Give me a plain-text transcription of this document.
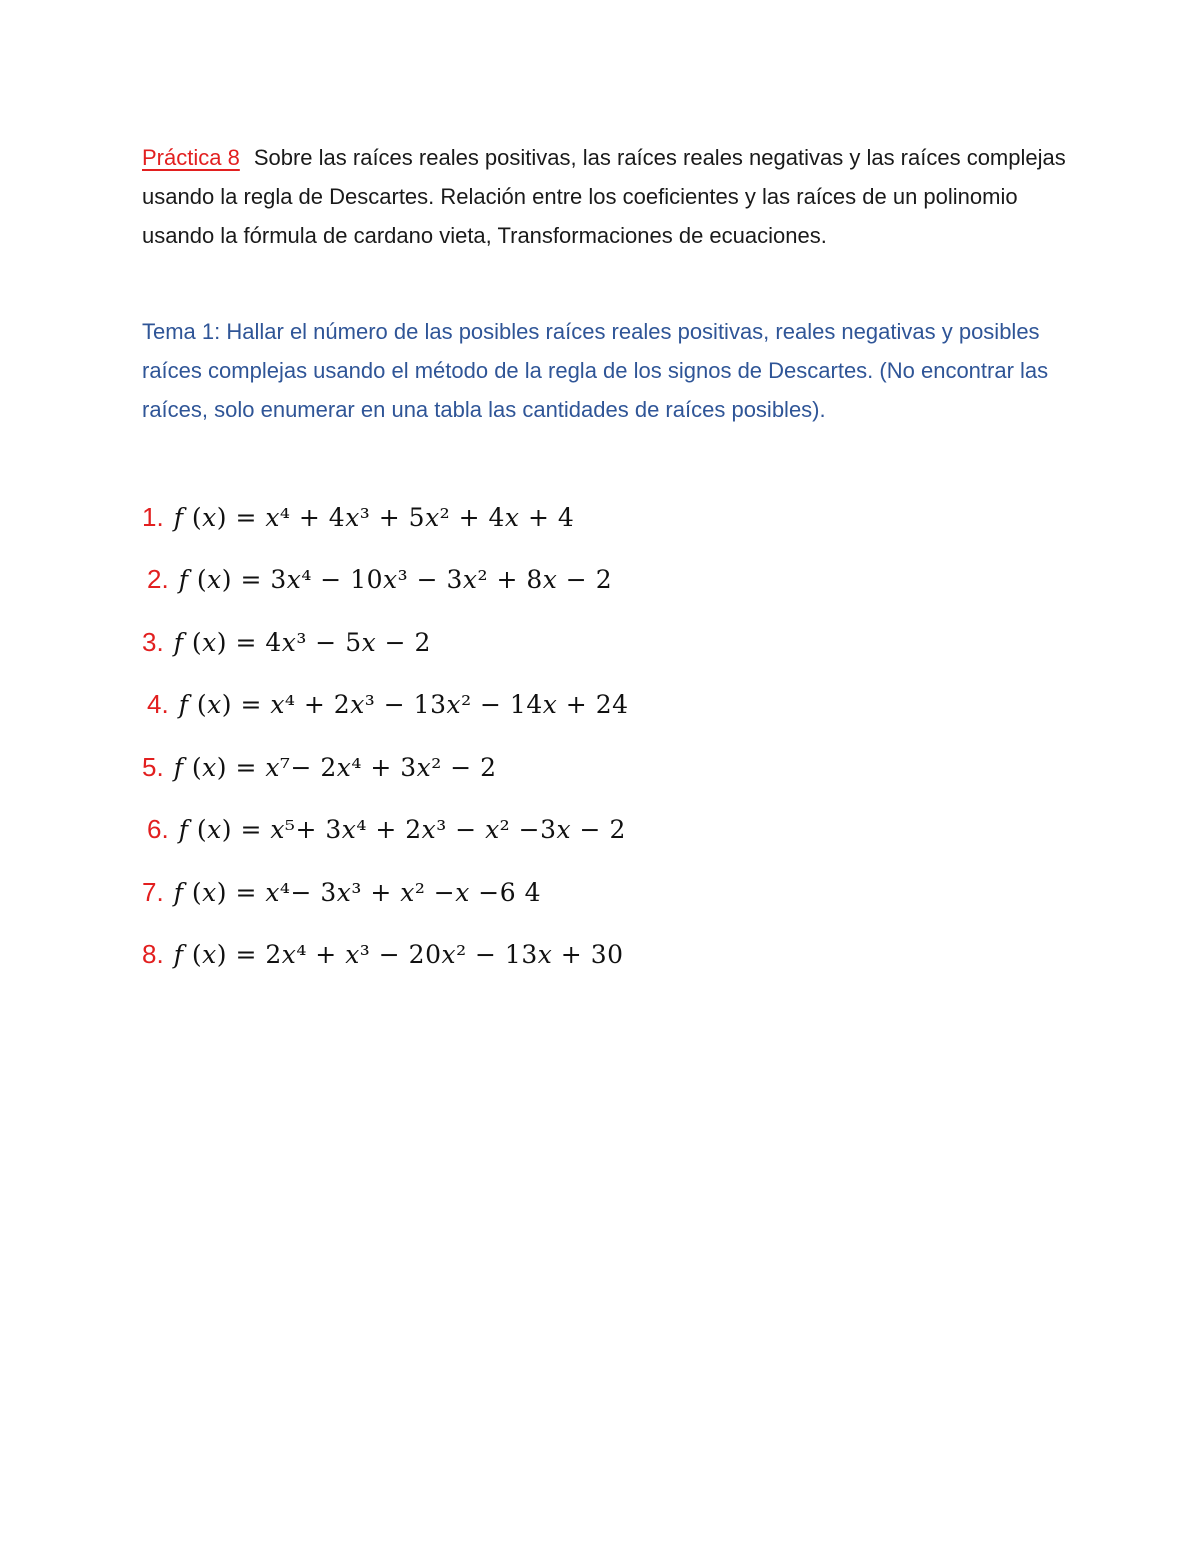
Práctica 8 Sobre las raíces reales positivas, las raíces reales negativas y las raíces complejas usando la regla de Descartes. Relación entre los coeficientes y las raíces de un polinomio usando la fórmula de cardano vieta, Transformaciones de ecuaciones.
Tema 1: Hallar el número de las posibles raíces reales positivas, reales negativas y posibles raíces complejas usando el método de la regla de los signos de Descartes. (No encontrar las raíces, solo enumerar en una tabla las cantidades de raíces posibles).
1. 𝑓 (𝑥) = 𝑥⁴ + 4𝑥³ + 5𝑥² + 4𝑥 + 4
2. 𝑓 (𝑥) = 3𝑥⁴ − 10𝑥³ − 3𝑥² + 8𝑥 − 2
3. 𝑓 (𝑥) = 4𝑥³ − 5𝑥 − 2
4. 𝑓 (𝑥) = 𝑥⁴ + 2𝑥³ − 13𝑥² − 14𝑥 + 24
5. 𝑓 (𝑥) = 𝑥⁷− 2𝑥⁴ + 3𝑥² − 2
6. 𝑓 (𝑥) = 𝑥⁵+ 3𝑥⁴ + 2𝑥³ − 𝑥² −3𝑥 − 2
7. 𝑓 (𝑥) = 𝑥⁴− 3𝑥³ + 𝑥² −𝑥 −6 4
8. 𝑓 (𝑥) = 2𝑥⁴ + 𝑥³ − 20𝑥² − 13𝑥 + 30
